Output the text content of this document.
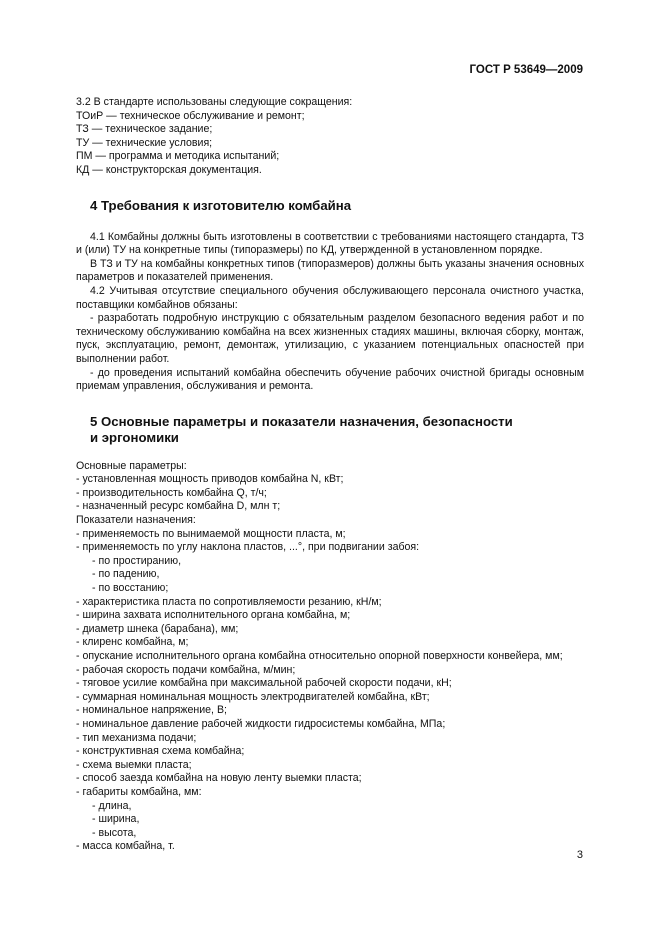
ГОСТ Р 53649—2009

3.2 В стандарте использованы следующие сокращения:

ТОиР — техническое обслуживание и ремонт;

ТЗ — техническое задание;

ТУ — технические условия;

ПМ — программа и методика испытаний;

КД — конструкторская документация.

4 Требования к изготовителю комбайна

4.1 Комбайны должны быть изготовлены в соответствии с требованиями настоящего стандарта, ТЗ и (или) ТУ на конкретные типы (типоразмеры) по КД, утвержденной в установленном порядке.

В ТЗ и ТУ на комбайны конкретных типов (типоразмеров) должны быть указаны значения основных параметров и показателей применения.

4.2 Учитывая отсутствие специального обучения обслуживающего персонала очистного участка, поставщики комбайнов обязаны:

- разработать подробную инструкцию с обязательным разделом безопасного ведения работ и по техническому обслуживанию комбайна на всех жизненных стадиях машины, включая сборку, монтаж, пуск, эксплуатацию, ремонт, демонтаж, утилизацию, с указанием потенциальных опасностей при выполнении работ.

- до проведения испытаний комбайна обеспечить обучение рабочих очистной бригады основным приемам управления, обслуживания и ремонта.

5 Основные параметры и показатели назначения, безопасности

и эргономики

Основные параметры:

- установленная мощность приводов комбайна N, кВт;

- производительность комбайна Q, т/ч;

- назначенный ресурс комбайна D, млн т;

Показатели назначения:

- применяемость по вынимаемой мощности пласта, м;

- применяемость по углу наклона пластов, ...°, при подвигании забоя:

- по простиранию,

- по падению,

- по восстанию;

- характеристика пласта по сопротивляемости резанию, кН/м;

- ширина захвата исполнительного органа комбайна, м;

- диаметр шнека (барабана), мм;

- клиренс комбайна, м;

- опускание исполнительного органа комбайна относительно опорной поверхности конвейера, мм;

- рабочая скорость подачи комбайна, м/мин;

- тяговое усилие комбайна при максимальной рабочей скорости подачи, кН;

- суммарная номинальная мощность электродвигателей комбайна, кВт;

- номинальное напряжение, В;

- номинальное давление рабочей жидкости гидросистемы комбайна, МПа;

- тип механизма подачи;

- конструктивная схема комбайна;

- схема выемки пласта;

- способ заезда комбайна на новую ленту выемки пласта;

- габариты комбайна, мм:

- длина,

- ширина,

- высота,

- масса комбайна, т.

3
